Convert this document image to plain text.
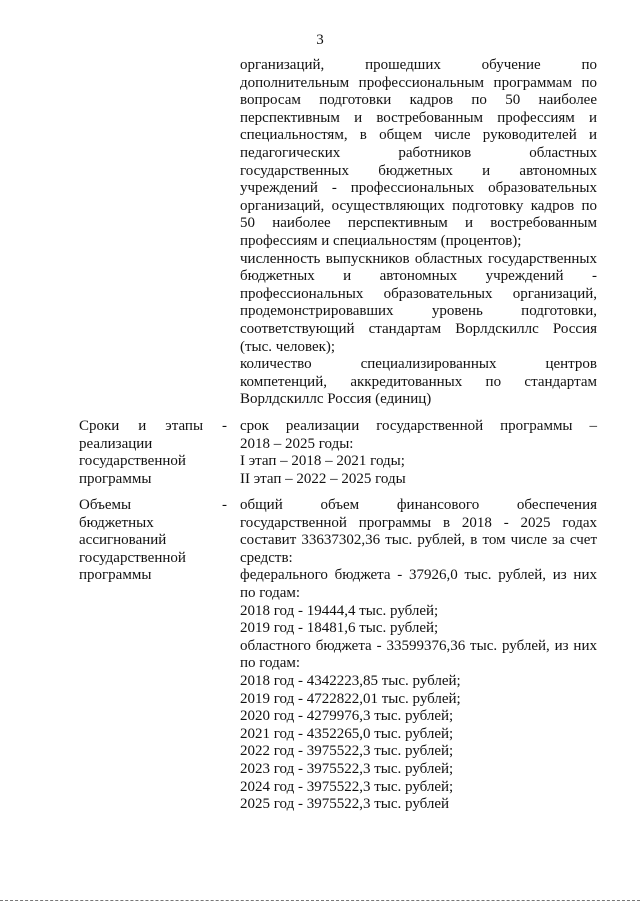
3
организаций, прошедших обучение по
дополнительным профессиональным программам по
вопросам подготовки кадров по 50 наиболее
перспективным и востребованным профессиям и
специальностям, в общем числе руководителей и
педагогических работников областных
государственных бюджетных и автономных
учреждений - профессиональных образовательных
организаций, осуществляющих подготовку кадров по
50 наиболее перспективным и востребованным
профессиям и специальностям (процентов);
численность выпускников областных государственных
бюджетных и автономных учреждений -
профессиональных образовательных организаций,
продемонстрировавших уровень подготовки,
соответствующий стандартам Ворлдскиллс Россия
(тыс. человек);
количество специализированных центров
компетенций, аккредитованных по стандартам
Ворлдскиллс Россия (единиц)
Сроки и этапы -
реализации
государственной
программы
срок реализации государственной программы –
2018 – 2025 годы:
I этап – 2018 – 2021 годы;
II этап – 2022 – 2025 годы
Объемы -
бюджетных
ассигнований
государственной
программы
общий объем финансового обеспечения
государственной программы в 2018 - 2025 годах
составит 33637302,36 тыс. рублей, в том числе за счет
средств:
федерального бюджета - 37926,0 тыс. рублей, из них
по годам:
2018 год - 19444,4 тыс. рублей;
2019 год - 18481,6 тыс. рублей;
областного бюджета - 33599376,36 тыс. рублей, из них
по годам:
2018 год - 4342223,85 тыс. рублей;
2019 год - 4722822,01 тыс. рублей;
2020 год - 4279976,3 тыс. рублей;
2021 год - 4352265,0 тыс. рублей;
2022 год - 3975522,3 тыс. рублей;
2023 год - 3975522,3 тыс. рублей;
2024 год - 3975522,3 тыс. рублей;
2025 год - 3975522,3 тыс. рублей
